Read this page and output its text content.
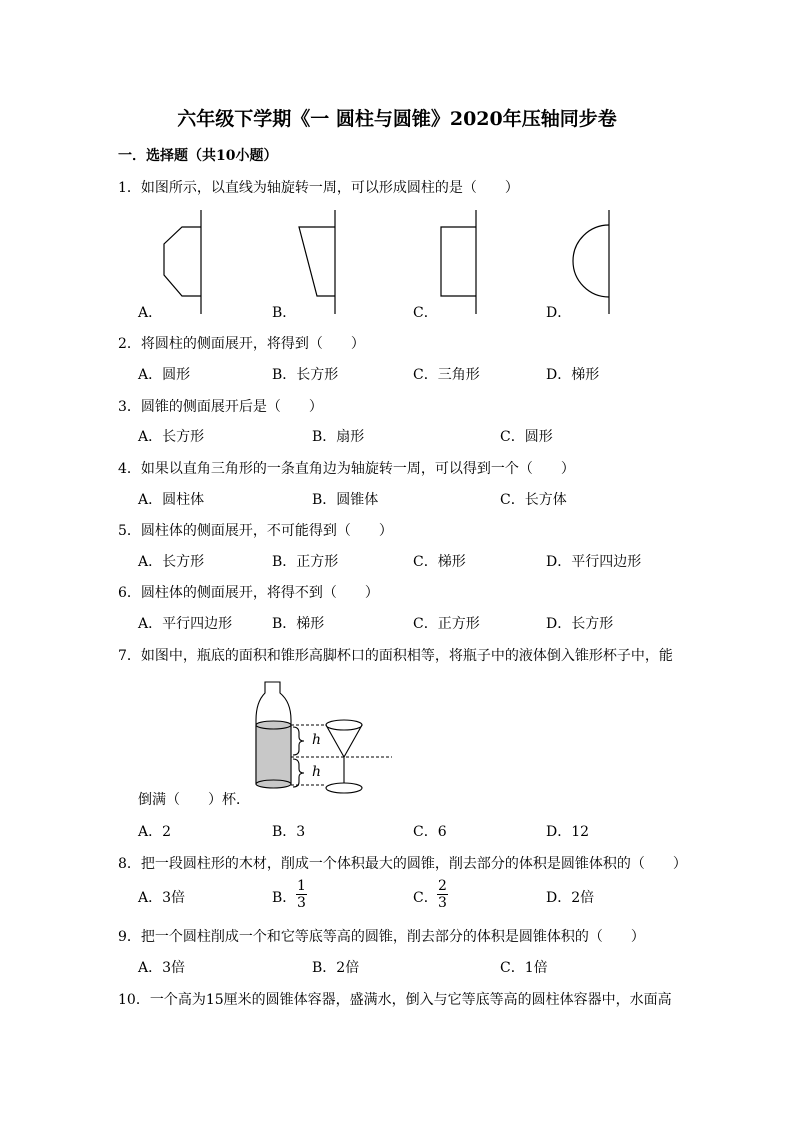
六年级下学期《一 圆柱与圆锥》2020年压轴同步卷
一．选择题（共10小题）
1．如图所示，以直线为轴旋转一周，可以形成圆柱的是（　　）
A．	B．	C．	D．
2．将圆柱的侧面展开，将得到（　　）
A．圆形	B．长方形	C．三角形	D．梯形
3．圆锥的侧面展开后是（　　）
A．长方形	B．扇形	C．圆形
4．如果以直角三角形的一条直角边为轴旋转一周，可以得到一个（　　）
A．圆柱体	B．圆锥体	C．长方体
5．圆柱体的侧面展开，不可能得到（　　）
A．长方形	B．正方形	C．梯形	D．平行四边形
6．圆柱体的侧面展开，将得不到（　　）
A．平行四边形	B．梯形	C．正方形	D．长方形
7．如图中，瓶底的面积和锥形高脚杯口的面积相等，将瓶子中的液体倒入锥形杯子中，能
h
h
倒满（　　）杯．
A．2	B．3	C．6	D．12
8．把一段圆柱形的木材，削成一个体积最大的圆锥，削去部分的体积是圆锥体积的（　　）
A．3倍	B． $\frac{1}{3}$	C． $\frac{2}{3}$	D．2倍
9．把一个圆柱削成一个和它等底等高的圆锥，削去部分的体积是圆锥体积的（　　）
A．3倍	B．2倍	C．1倍
10．一个高为15厘米的圆锥体容器，盛满水，倒入与它等底等高的圆柱体容器中，水面高
